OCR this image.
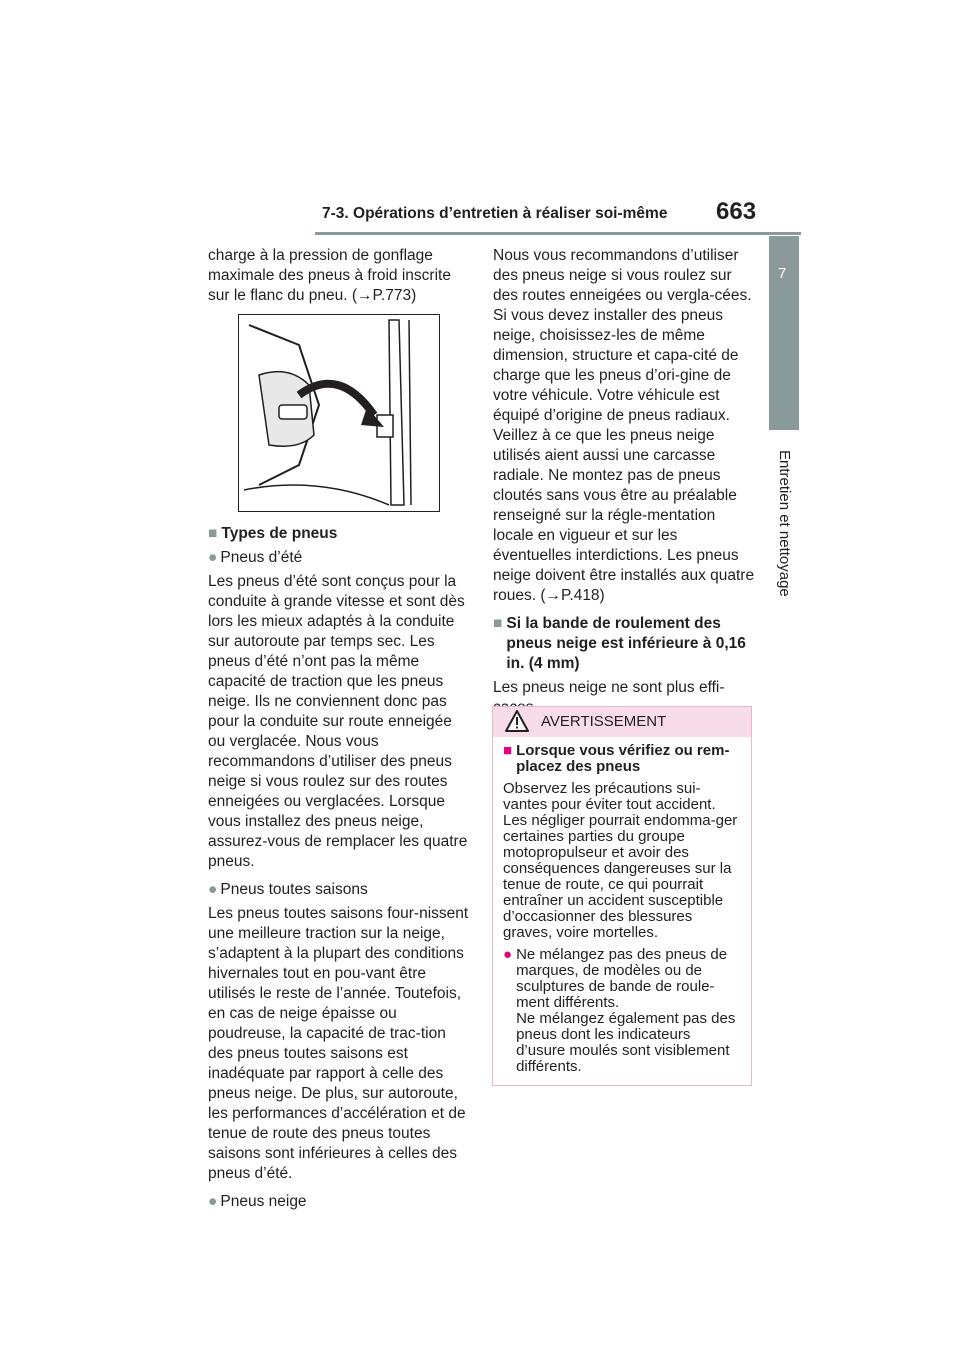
7-3. Opérations d’entretien à réaliser soi-même 663
7
Entretien et nettoyage

charge à la pression de gonflage maximale des pneus à froid inscrite sur le flanc du pneu. (→P.773)

■ Types de pneus
● Pneus d’été

Les pneus d’été sont conçus pour la conduite à grande vitesse et sont dès lors les mieux adaptés à la conduite sur autoroute par temps sec. Les pneus d’été n’ont pas la même capacité de traction que les pneus neige. Ils ne conviennent donc pas pour la conduite sur route enneigée ou verglacée. Nous vous recommandons d’utiliser des pneus neige si vous roulez sur des routes enneigées ou verglacées. Lorsque vous installez des pneus neige, assurez-vous de remplacer les quatre pneus.

● Pneus toutes saisons

Les pneus toutes saisons four-nissent une meilleure traction sur la neige, s’adaptent à la plupart des conditions hivernales tout en pou-vant être utilisés le reste de l’année. Toutefois, en cas de neige épaisse ou poudreuse, la capacité de trac-tion des pneus toutes saisons est inadéquate par rapport à celle des pneus neige. De plus, sur autoroute, les performances d’accélération et de tenue de route des pneus toutes saisons sont inférieures à celles des pneus d’été.

● Pneus neige

Nous vous recommandons d’utiliser des pneus neige si vous roulez sur des routes enneigées ou vergla-cées. Si vous devez installer des pneus neige, choisissez-les de même dimension, structure et capa-cité de charge que les pneus d’ori-gine de votre véhicule. Votre véhicule est équipé d’origine de pneus radiaux. Veillez à ce que les pneus neige utilisés aient aussi une carcasse radiale. Ne montez pas de pneus cloutés sans vous être au préalable renseigné sur la régle-mentation locale en vigueur et sur les éventuelles interdictions. Les pneus neige doivent être installés aux quatre roues. (→P.418)

■ Si la bande de roulement des pneus neige est inférieure à 0,16 in. (4 mm)

Les pneus neige ne sont plus effi-

AVERTISSEMENT
■ Lorsque vous vérifiez ou rem-placez des pneus

Observez les précautions sui-vantes pour éviter tout accident. Les négliger pourrait endomma-ger certaines parties du groupe motopropulseur et avoir des conséquences dangereuses sur la tenue de route, ce qui pourrait entraîner un accident susceptible d’occasionner des blessures graves, voire mortelles.

● Ne mélangez pas des pneus de marques, de modèles ou de sculptures de bande de roule-ment différents.
Ne mélangez également pas des pneus dont les indicateurs d’usure moulés sont visiblement différents.
